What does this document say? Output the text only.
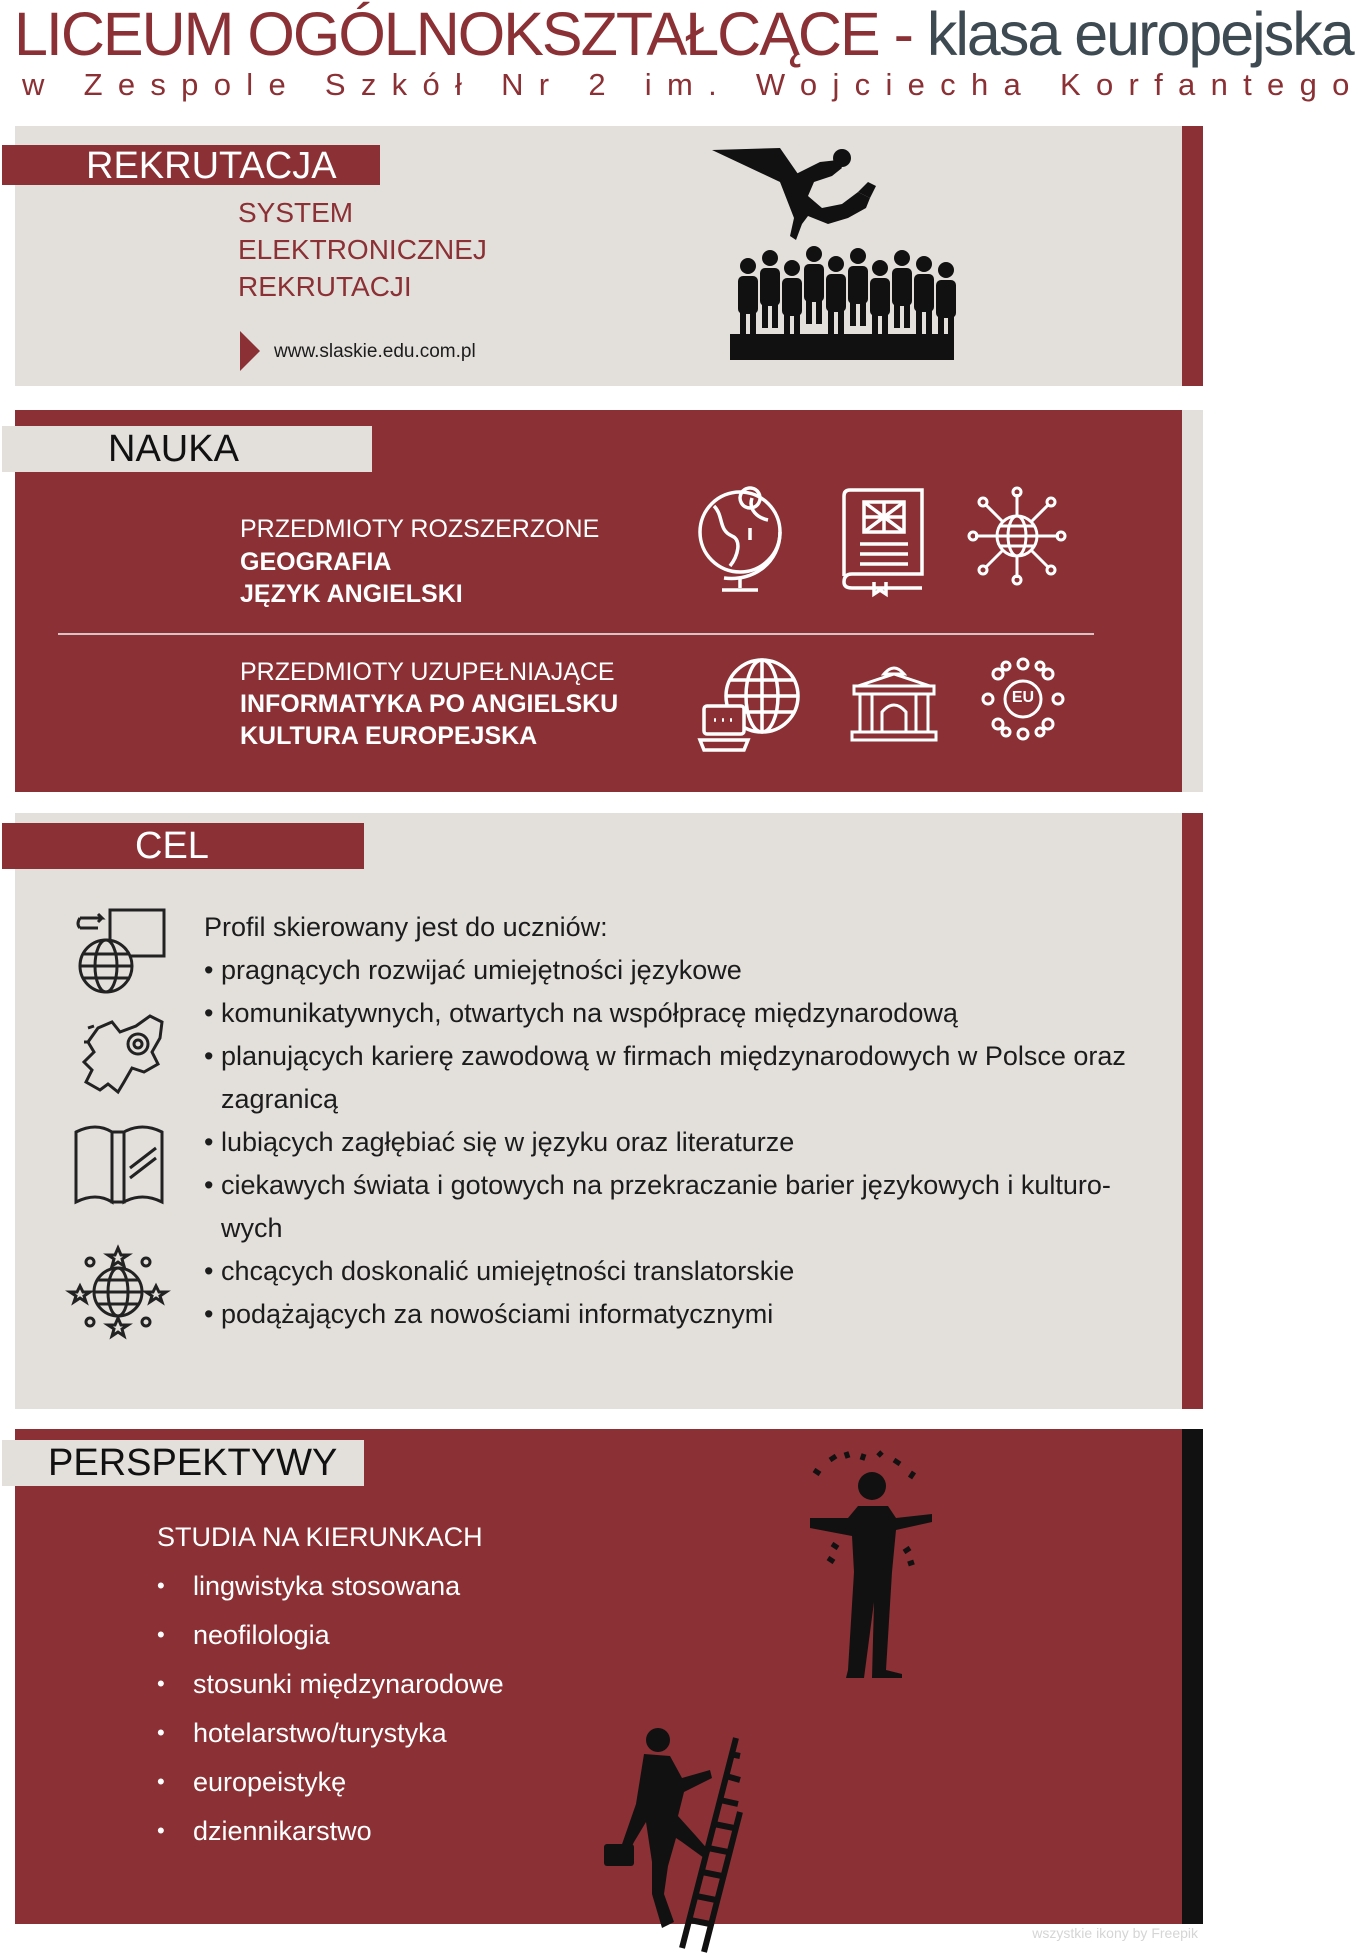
LICEUM OGÓLNOKSZTAŁCĄCE - klasa europejska
w Zespole Szkół Nr 2 im. Wojciecha Korfantego
REKRUTACJA
SYSTEM
ELEKTRONICZNEJ
REKRUTACJI
www.slaskie.edu.com.pl
NAUKA
PRZEDMIOTY ROZSZERZONE
GEOGRAFIA
JĘZYK ANGIELSKI
PRZEDMIOTY UZUPEŁNIAJĄCE
INFORMATYKA PO ANGIELSKU
KULTURA EUROPEJSKA
EU
CEL
Profil skierowany jest do uczniów:
• pragnących rozwijać umiejętności językowe
• komunikatywnych, otwartych na współpracę międzynarodową
• planujących karierę zawodową w firmach międzynarodowych w Polsce oraz
zagranicą
• lubiących zagłębiać się w języku oraz literaturze
• ciekawych świata i gotowych na przekraczanie barier językowych i kulturo-
wych
• chcących doskonalić umiejętności translatorskie
• podążających za nowościami informatycznymi
PERSPEKTYWY
STUDIA NA KIERUNKACH
• lingwistyka stosowana
• neofilologia
• stosunki międzynarodowe
• hotelarstwo/turystyka
• europeistykę
• dziennikarstwo
wszystkie ikony by Freepik
